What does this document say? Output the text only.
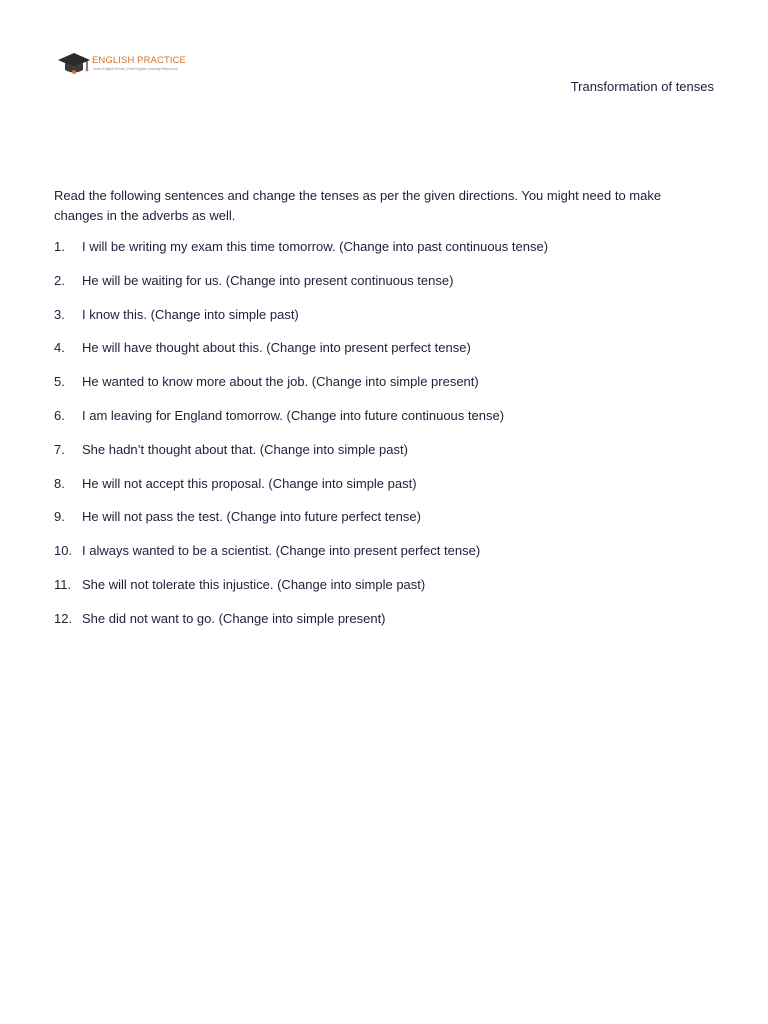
ENGLISH PRACTICE
Learn English Online | Free English Learning Resources
Transformation of tenses
Read the following sentences and change the tenses as per the given directions. You might need to make changes in the adverbs as well.
1.	I will be writing my exam this time tomorrow. (Change into past continuous tense)
2.	He will be waiting for us. (Change into present continuous tense)
3.	I know this. (Change into simple past)
4.	He will have thought about this. (Change into present perfect tense)
5.	He wanted to know more about the job. (Change into simple present)
6.	I am leaving for England tomorrow. (Change into future continuous tense)
7.	She hadn’t thought about that. (Change into simple past)
8.	He will not accept this proposal. (Change into simple past)
9.	He will not pass the test. (Change into future perfect tense)
10. I always wanted to be a scientist. (Change into present perfect tense)
11. She will not tolerate this injustice. (Change into simple past)
12. She did not want to go. (Change into simple present)
